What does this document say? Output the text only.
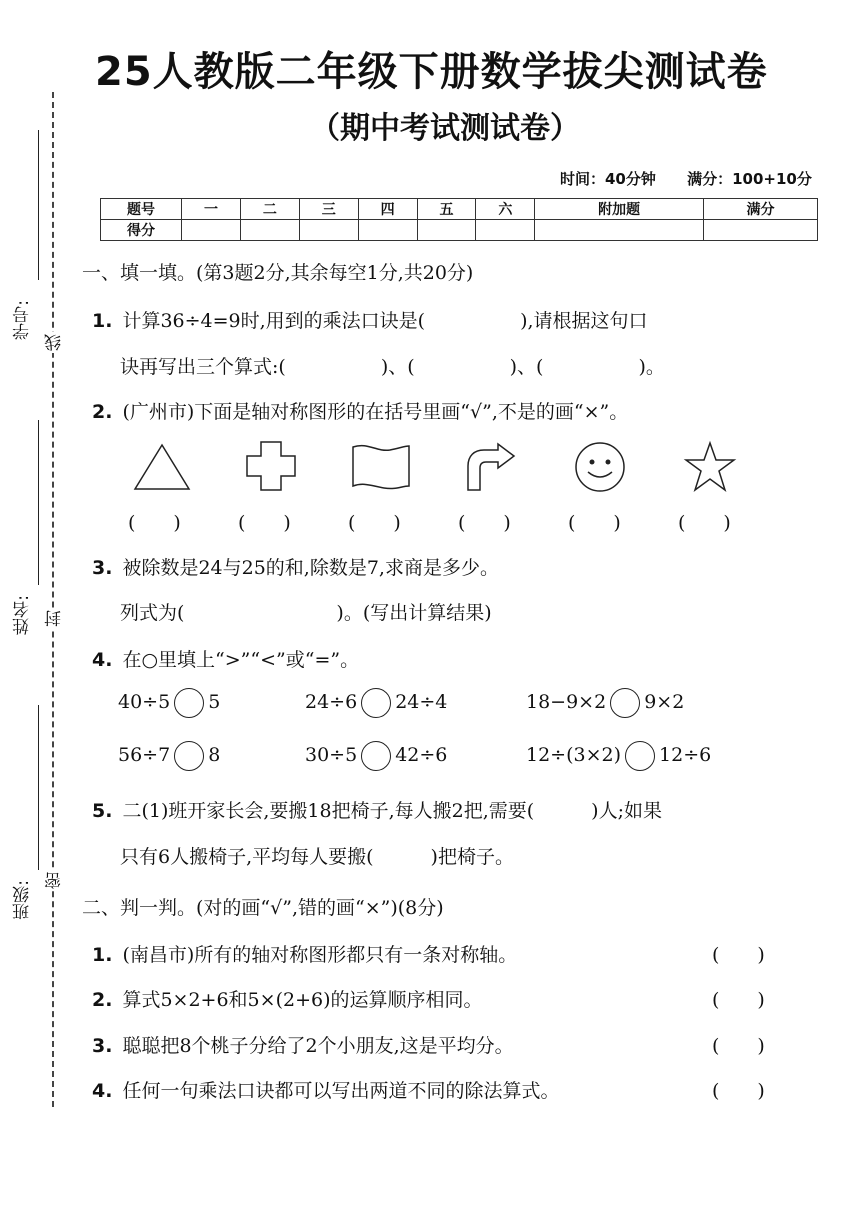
学号:
姓名:
班级:
线
封
密
25人教版二年级下册数学拔尖测试卷
（期中考试测试卷）
时间：40分钟 满分：100+10分
题号	一	二	三	四	五	六	附加题	满分
得分								
一、填一填。(第3题2分,其余每空1分,共20分)
1. 计算36÷4=9时,用到的乘法口诀是(　　　　　),请根据这句口
诀再写出三个算式:(　　　　　)、(　　　　　)、(　　　　　)。
2. (广州市)下面是轴对称图形的在括号里画“√”,不是的画“×”。
(　　)	(　　)	(　　)	(　　)	(　　)	(　　)
3. 被除数是24与25的和,除数是7,求商是多少。
列式为(　　　　　　　　)。(写出计算结果)
4. 在○里填上“>”“<”或“=”。
40÷5 5	24÷6 24÷4	18−9×2 9×2
56÷7 8	30÷5 42÷6	12÷(3×2) 12÷6
5. 二(1)班开家长会,要搬18把椅子,每人搬2把,需要(　　　)人;如果
只有6人搬椅子,平均每人要搬(　　　)把椅子。
二、判一判。(对的画“√”,错的画“×”)(8分)
1. (南昌市)所有的轴对称图形都只有一条对称轴。	(　　)
2. 算式5×2+6和5×(2+6)的运算顺序相同。	(　　)
3. 聪聪把8个桃子分给了2个小朋友,这是平均分。	(　　)
4. 任何一句乘法口诀都可以写出两道不同的除法算式。	(　　)
